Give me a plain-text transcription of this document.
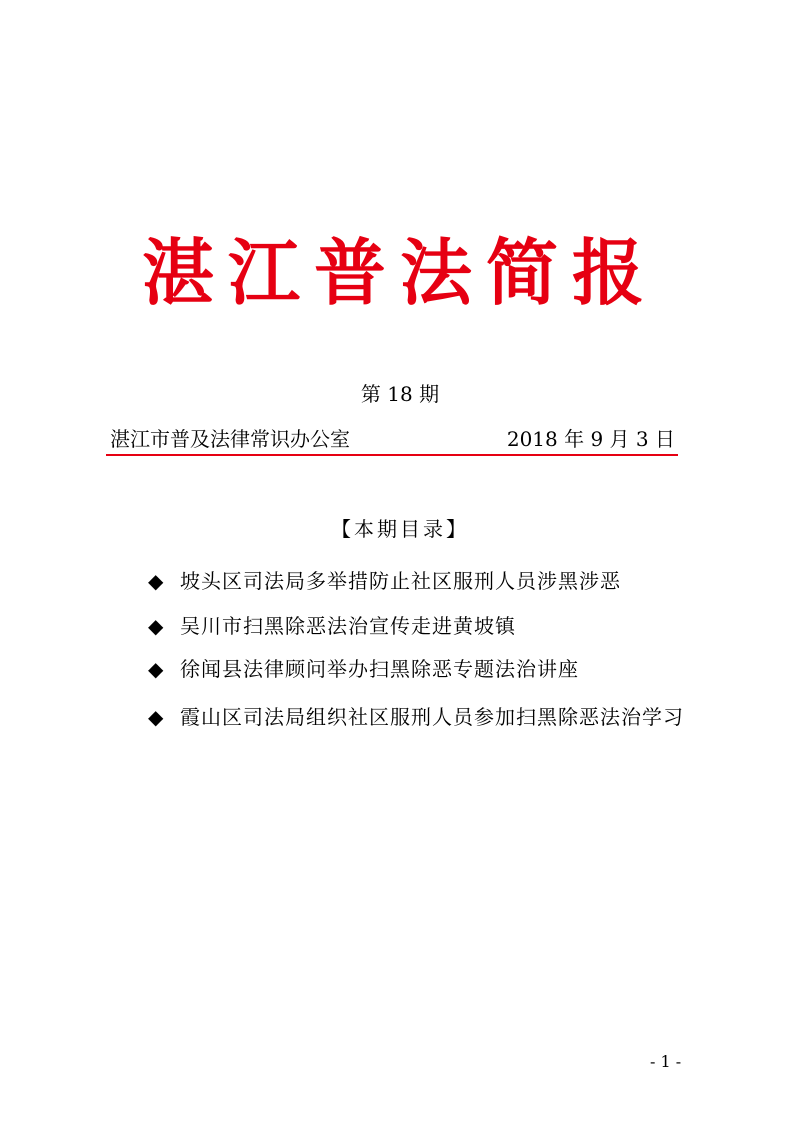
湛江普法简报
第 18 期
湛江市普及法律常识办公室	2018 年 9 月 3 日
【本期目录】
◆ 坡头区司法局多举措防止社区服刑人员涉黑涉恶
◆ 吴川市扫黑除恶法治宣传走进黄坡镇
◆ 徐闻县法律顾问举办扫黑除恶专题法治讲座
◆ 霞山区司法局组织社区服刑人员参加扫黑除恶法治学习
- 1 -
